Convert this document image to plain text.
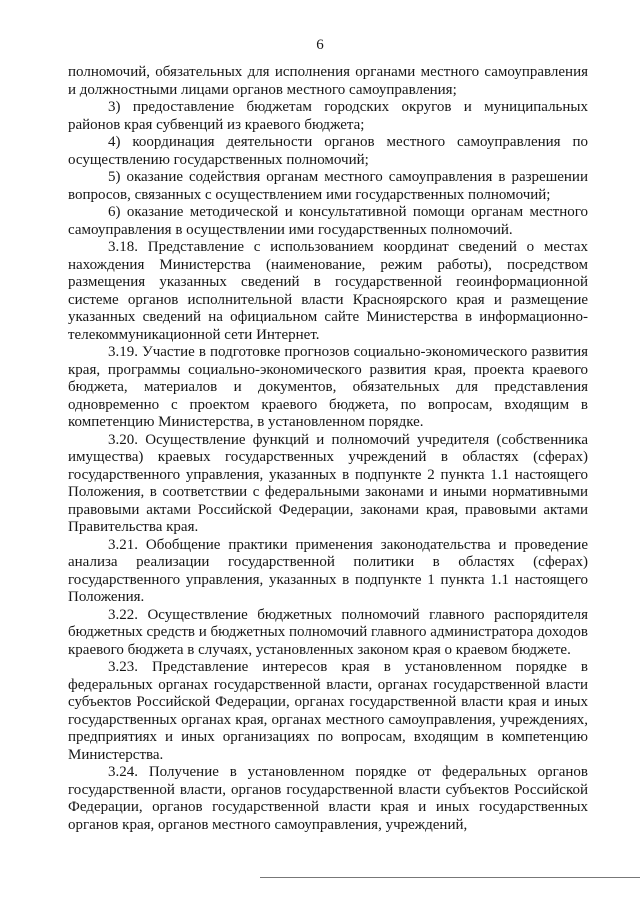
6

полномочий, обязательных для исполнения органами местного самоуправления и должностными лицами органов местного самоуправления;

3) предоставление бюджетам городских округов и муниципальных районов края субвенций из краевого бюджета;

4) координация деятельности органов местного самоуправления по осуществлению государственных полномочий;

5) оказание содействия органам местного самоуправления в разрешении вопросов, связанных с осуществлением ими государственных полномочий;

6) оказание методической и консультативной помощи органам местного самоуправления в осуществлении ими государственных полномочий.

3.18. Представление с использованием координат сведений о местах нахождения Министерства (наименование, режим работы), посредством размещения указанных сведений в государственной геоинформационной системе органов исполнительной власти Красноярского края и размещение указанных сведений на официальном сайте Министерства в информационно-телекоммуникационной сети Интернет.

3.19. Участие в подготовке прогнозов социально-экономического развития края, программы социально-экономического развития края, проекта краевого бюджета, материалов и документов, обязательных для представления одновременно с проектом краевого бюджета, по вопросам, входящим в компетенцию Министерства, в установленном порядке.

3.20. Осуществление функций и полномочий учредителя (собственника имущества) краевых государственных учреждений в областях (сферах) государственного управления, указанных в подпункте 2 пункта 1.1 настоящего Положения, в соответствии с федеральными законами и иными нормативными правовыми актами Российской Федерации, законами края, правовыми актами Правительства края.

3.21. Обобщение практики применения законодательства и проведение анализа реализации государственной политики в областях (сферах) государственного управления, указанных в подпункте 1 пункта 1.1 настоящего Положения.

3.22. Осуществление бюджетных полномочий главного распорядителя бюджетных средств и бюджетных полномочий главного администратора доходов краевого бюджета в случаях, установленных законом края о краевом бюджете.

3.23. Представление интересов края в установленном порядке в федеральных органах государственной власти, органах государственной власти субъектов Российской Федерации, органах государственной власти края и иных государственных органах края, органах местного самоуправления, учреждениях, предприятиях и иных организациях по вопросам, входящим в компетенцию Министерства.

3.24. Получение в установленном порядке от федеральных органов государственной власти, органов государственной власти субъектов Российской Федерации, органов государственной власти края и иных государственных органов края, органов местного самоуправления, учреждений,
